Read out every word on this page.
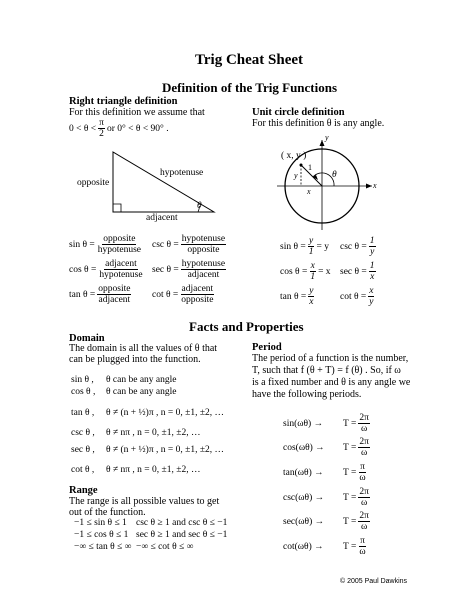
Trig Cheat Sheet
Definition of the Trig Functions
Right triangle definition
For this definition we assume that
$0 < \theta < \frac{\pi}{2}$ or 0° < θ < 90° .
hypotenuse
opposite
adjacent
θ
$\sin \theta = \frac{\text{opposite}}{\text{hypotenuse}}$ $\csc \theta = \frac{\text{hypotenuse}}{\text{opposite}}$
$\cos \theta = \frac{\text{adjacent}}{\text{hypotenuse}}$ $\sec \theta = \frac{\text{hypotenuse}}{\text{adjacent}}$
$\tan \theta = \frac{\text{opposite}}{\text{adjacent}}$ $\cot \theta = \frac{\text{adjacent}}{\text{opposite}}$
Unit circle definition
For this definition θ is any angle.
( x, y )
1
y
x
θ
x
y
$\sin \theta = \frac{y}{1} = y$ $\csc \theta = \frac{1}{y}$
$\cos \theta = \frac{x}{1} = x$ $\sec \theta = \frac{1}{x}$
$\tan \theta = \frac{y}{x}$	$\cot \theta = \frac{x}{y}$
Facts and Properties
Domain
The domain is all the values of θ that
can be plugged into the function.
sin θ , θ can be any angle
cos θ , θ can be any angle
tan θ , θ ≠ (n + ½)π , n = 0, ±1, ±2, …
csc θ , θ ≠ nπ , n = 0, ±1, ±2, …
sec θ , θ ≠ (n + ½)π , n = 0, ±1, ±2, …
cot θ , θ ≠ nπ , n = 0, ±1, ±2, …
Range
The range is all possible values to get
out of the function.
−1 ≤ sin θ ≤ 1 csc θ ≥ 1 and csc θ ≤ −1
−1 ≤ cos θ ≤ 1 sec θ ≥ 1 and sec θ ≤ −1
−∞ ≤ tan θ ≤ ∞ −∞ ≤ cot θ ≤ ∞
Period
The period of a function is the number,
T, such that f (θ + T) = f (θ) . So, if ω
is a fixed number and θ is any angle we
have the following periods.
sin(ωθ) →	$T = \frac{2\pi}{\omega}$
cos(ωθ) →	$T = \frac{2\pi}{\omega}$
tan(ωθ) →	$T = \frac{\pi}{\omega}$
csc(ωθ) →	$T = \frac{2\pi}{\omega}$
sec(ωθ) →	$T = \frac{2\pi}{\omega}$
cot(ωθ) →	$T = \frac{\pi}{\omega}$
© 2005 Paul Dawkins
